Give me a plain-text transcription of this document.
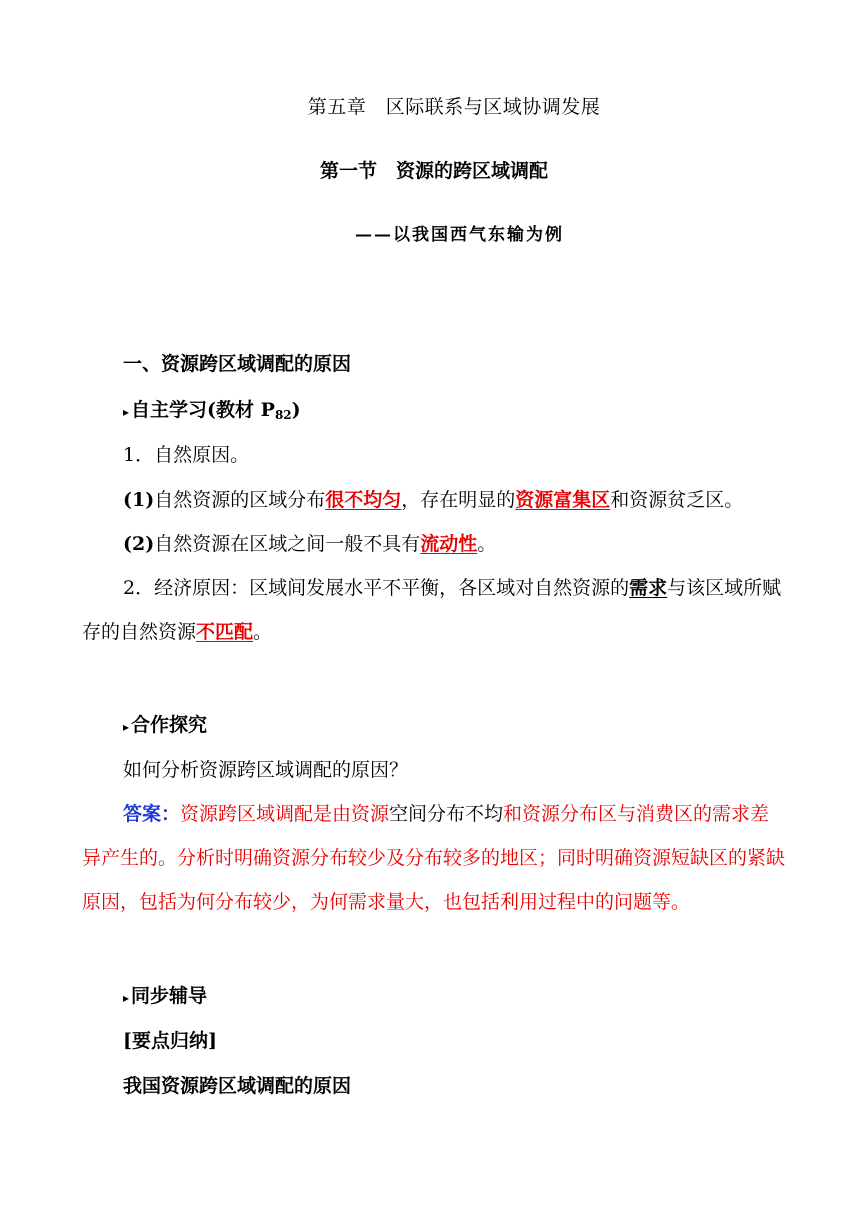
第五章　区际联系与区域协调发展
第一节　资源的跨区域调配
——以我国西气东输为例
一、资源跨区域调配的原因
▸ 自主学习(教材 $P_{82}$)
1．自然原因。
(1)自然资源的区域分布很不均匀，存在明显的资源富集区和资源贫乏区。
(2)自然资源在区域之间一般不具有流动性。
2．经济原因：区域间发展水平不平衡，各区域对自然资源的需求与该区域所赋存的自然资源不匹配。
▸ 合作探究
如何分析资源跨区域调配的原因？
答案：资源跨区域调配是由资源空间分布不均和资源分布区与消费区的需求差异产生的。分析时明确资源分布较少及分布较多的地区；同时明确资源短缺区的紧缺原因，包括为何分布较少，为何需求量大，也包括利用过程中的问题等。
▸ 同步辅导
[要点归纳]
我国资源跨区域调配的原因
